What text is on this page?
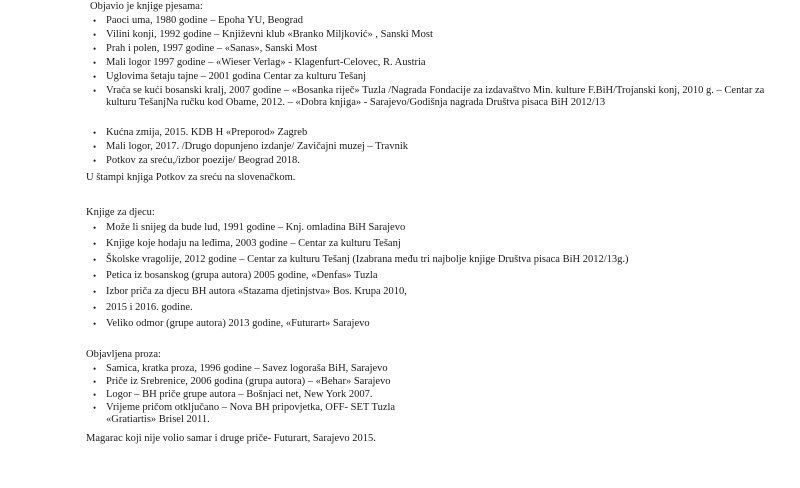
Objavio je knjige pjesama:
• Paoci uma, 1980 godine – Epoha YU, Beograd
• Vilini konji, 1992 godine – Književni klub «Branko Miljković» , Sanski Most
• Prah i polen, 1997 godine – «Sanas», Sanski Most
• Mali logor 1997 godine – «Wieser Verlag» - Klagenfurt-Celovec, R. Austria
• Uglovima šetaju tajne – 2001 godina Centar za kulturu Tešanj
• Vraća se kući bosanski kralj, 2007 godine – «Bosanka riječ» Tuzla /Nagrada Fondacije za izdavaštvo Min. kulture F.BiH/Trojanski konj, 2010 g. – Centar za kulturu TešanjNa ručku kod Obame, 2012. – «Dobra knjiga» - Sarajevo/Godišnja nagrada Društva pisaca BiH 2012/13
• Kućna zmija, 2015. KDB H «Preporod» Zagreb
• Mali logor, 2017. /Drugo dopunjeno izdanje/ Zavičajni muzej – Travnik
• Potkov za sreću,/izbor poezije/ Beograd 2018.
U štampi knjiga Potkov za sreću na slovenačkom.
Knjige za djecu:
• Može li snijeg da bude lud, 1991 godine – Knj. omladina BiH Sarajevo
• Knjige koje hodaju na leđima, 2003 godine – Centar za kulturu Tešanj
• Školske vragolije, 2012 godine – Centar za kulturu Tešanj (Izabrana među tri najbolje knjige Društva pisaca BiH 2012/13g.)
• Petica iz bosanskog (grupa autora) 2005 godine, «Denfas» Tuzla
• Izbor priča za djecu BH autora «Stazama djetinjstva» Bos. Krupa 2010,
• 2015 i 2016. godine.
• Veliko odmor (grupe autora) 2013 godine, «Futurart» Sarajevo
Objavljena proza:
• Samica, kratka proza, 1996 godine – Savez logoraša BiH, Sarajevo
• Priče iz Srebrenice, 2006 godina (grupa autora) – «Behar» Sarajevo
• Logor – BH priče grupe autora – Bošnjaci net, New York 2007.
• Vrijeme pričom otključano – Nova BH pripovjetka, OFF- SET Tuzla «Gratiartis» Brisel 2011.
Magarac koji nije volio samar i druge priče- Futurart, Sarajevo 2015.
